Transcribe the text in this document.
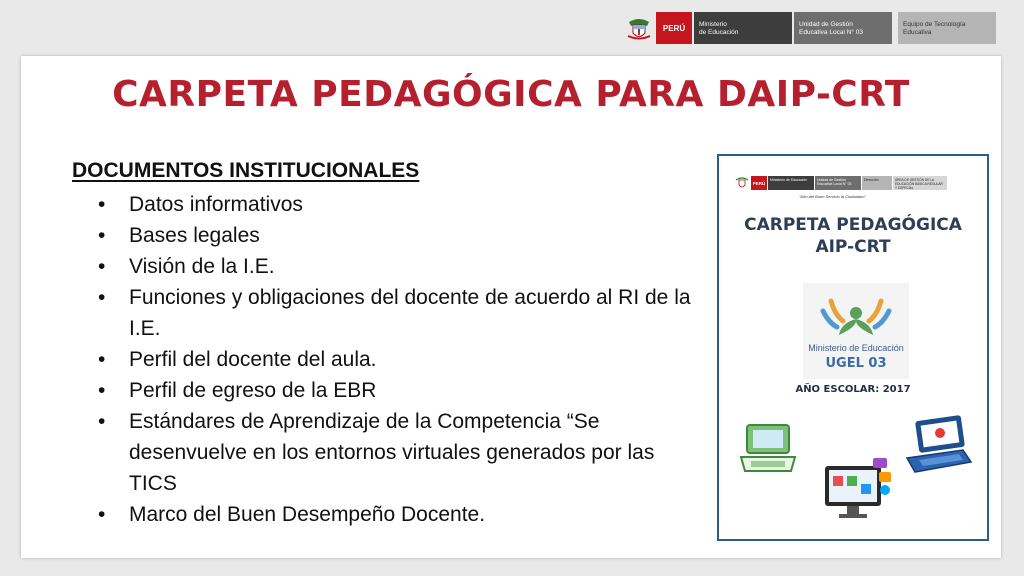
PERÚ	Ministerio
de Educación
Unidad de Gestión
Educativa Local N° 03
Equipo de Tecnología
Educativa
CARPETA PEDAGÓGICA PARA DAIP-CRT
DOCUMENTOS INSTITUCIONALES
• Datos informativos
• Bases legales
• Visión de la I.E.
• Funciones y obligaciones del docente de acuerdo al RI de la I.E.
• Perfil del docente del aula.
• Perfil de egreso de la EBR
• Estándares de Aprendizaje de la Competencia “Se desenvuelve en los entornos virtuales generados por las TICS
• Marco del Buen Desempeño Docente.
PERÚ
Ministerio de Educación	Unidad de Gestión Educativa Local N° 03
Dirección	ÁREA DE GESTIÓN DE LA EDUCACIÓN BÁSICA REGULAR Y ESPECIAL
"Año del Buen Servicio al Ciudadano"
CARPETA PEDAGÓGICA
AIP-CRT
Ministerio de Educación
UGEL 03
AÑO ESCOLAR: 2017
